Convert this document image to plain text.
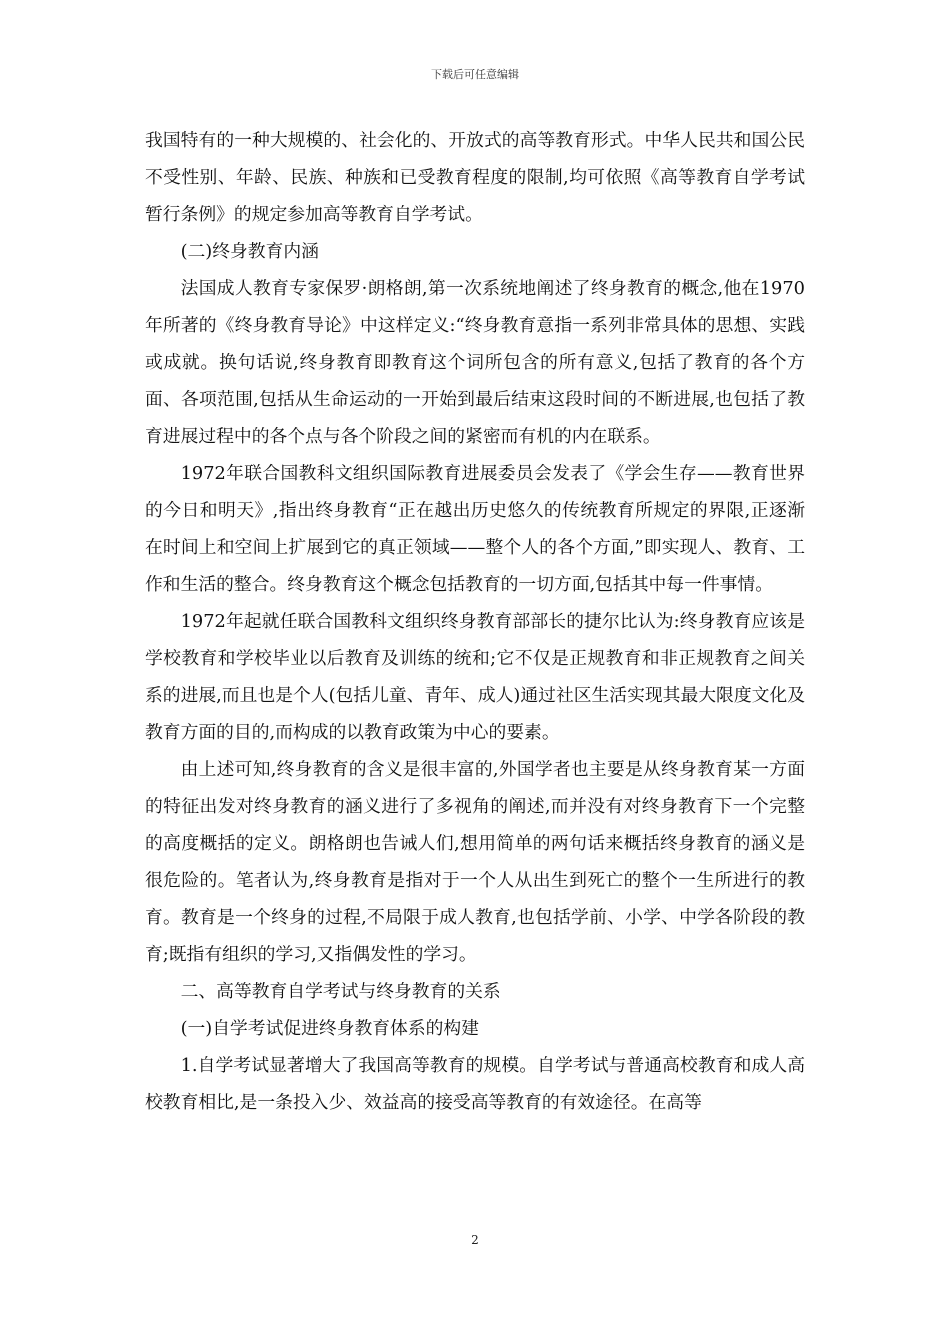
下载后可任意编辑

我国特有的一种大规模的、社会化的、开放式的高等教育形式。中华人民共和国公民不受性别、年龄、民族、种族和已受教育程度的限制,均可依照《高等教育自学考试暂行条例》的规定参加高等教育自学考试。

(二)终身教育内涵

法国成人教育专家保罗·朗格朗,第一次系统地阐述了终身教育的概念,他在1970年所著的《终身教育导论》中这样定义:“终身教育意指一系列非常具体的思想、实践或成就。换句话说,终身教育即教育这个词所包含的所有意义,包括了教育的各个方面、各项范围,包括从生命运动的一开始到最后结束这段时间的不断进展,也包括了教育进展过程中的各个点与各个阶段之间的紧密而有机的内在联系。

1972年联合国教科文组织国际教育进展委员会发表了《学会生存——教育世界的今日和明天》,指出终身教育“正在越出历史悠久的传统教育所规定的界限,正逐渐在时间上和空间上扩展到它的真正领域——整个人的各个方面,”即实现人、教育、工作和生活的整合。终身教育这个概念包括教育的一切方面,包括其中每一件事情。

1972年起就任联合国教科文组织终身教育部部长的捷尔比认为:终身教育应该是学校教育和学校毕业以后教育及训练的统和;它不仅是正规教育和非正规教育之间关系的进展,而且也是个人(包括儿童、青年、成人)通过社区生活实现其最大限度文化及教育方面的目的,而构成的以教育政策为中心的要素。

由上述可知,终身教育的含义是很丰富的,外国学者也主要是从终身教育某一方面的特征出发对终身教育的涵义进行了多视角的阐述,而并没有对终身教育下一个完整的高度概括的定义。朗格朗也告诫人们,想用简单的两句话来概括终身教育的涵义是很危险的。笔者认为,终身教育是指对于一个人从出生到死亡的整个一生所进行的教育。教育是一个终身的过程,不局限于成人教育,也包括学前、小学、中学各阶段的教育;既指有组织的学习,又指偶发性的学习。

二、高等教育自学考试与终身教育的关系

(一)自学考试促进终身教育体系的构建

1.自学考试显著增大了我国高等教育的规模。自学考试与普通高校教育和成人高校教育相比,是一条投入少、效益高的接受高等教育的有效途径。在高等

2
